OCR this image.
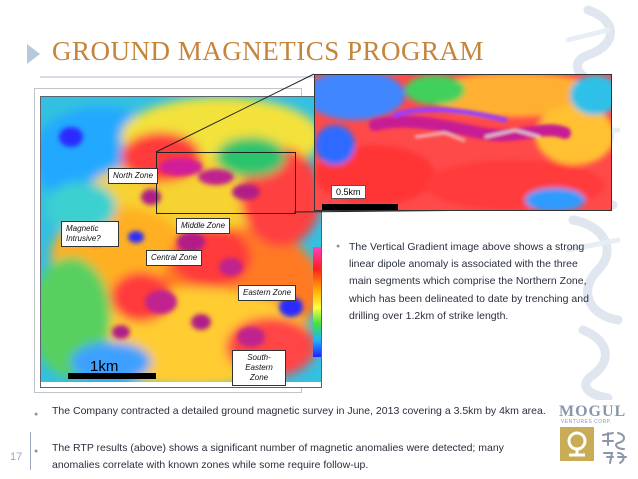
GROUND MAGNETICS PROGRAM
1km
North Zone
Middle Zone
Magnetic Intrusive?
Central Zone
Eastern Zone
South-Eastern Zone
0.5km
● The Vertical Gradient image above shows a strong linear dipole anomaly is associated with the three main segments which comprise the Northern Zone, which has been delineated to date by trenching and drilling over 1.2km of strike length.
● The Company contracted a detailed ground magnetic survey in June, 2013 covering a 3.5km by 4km area.
● The RTP results (above) shows a significant number of magnetic anomalies were detected; many anomalies correlate with known zones while some require follow-up.
17
MOGUL
VENTURES CORP.
